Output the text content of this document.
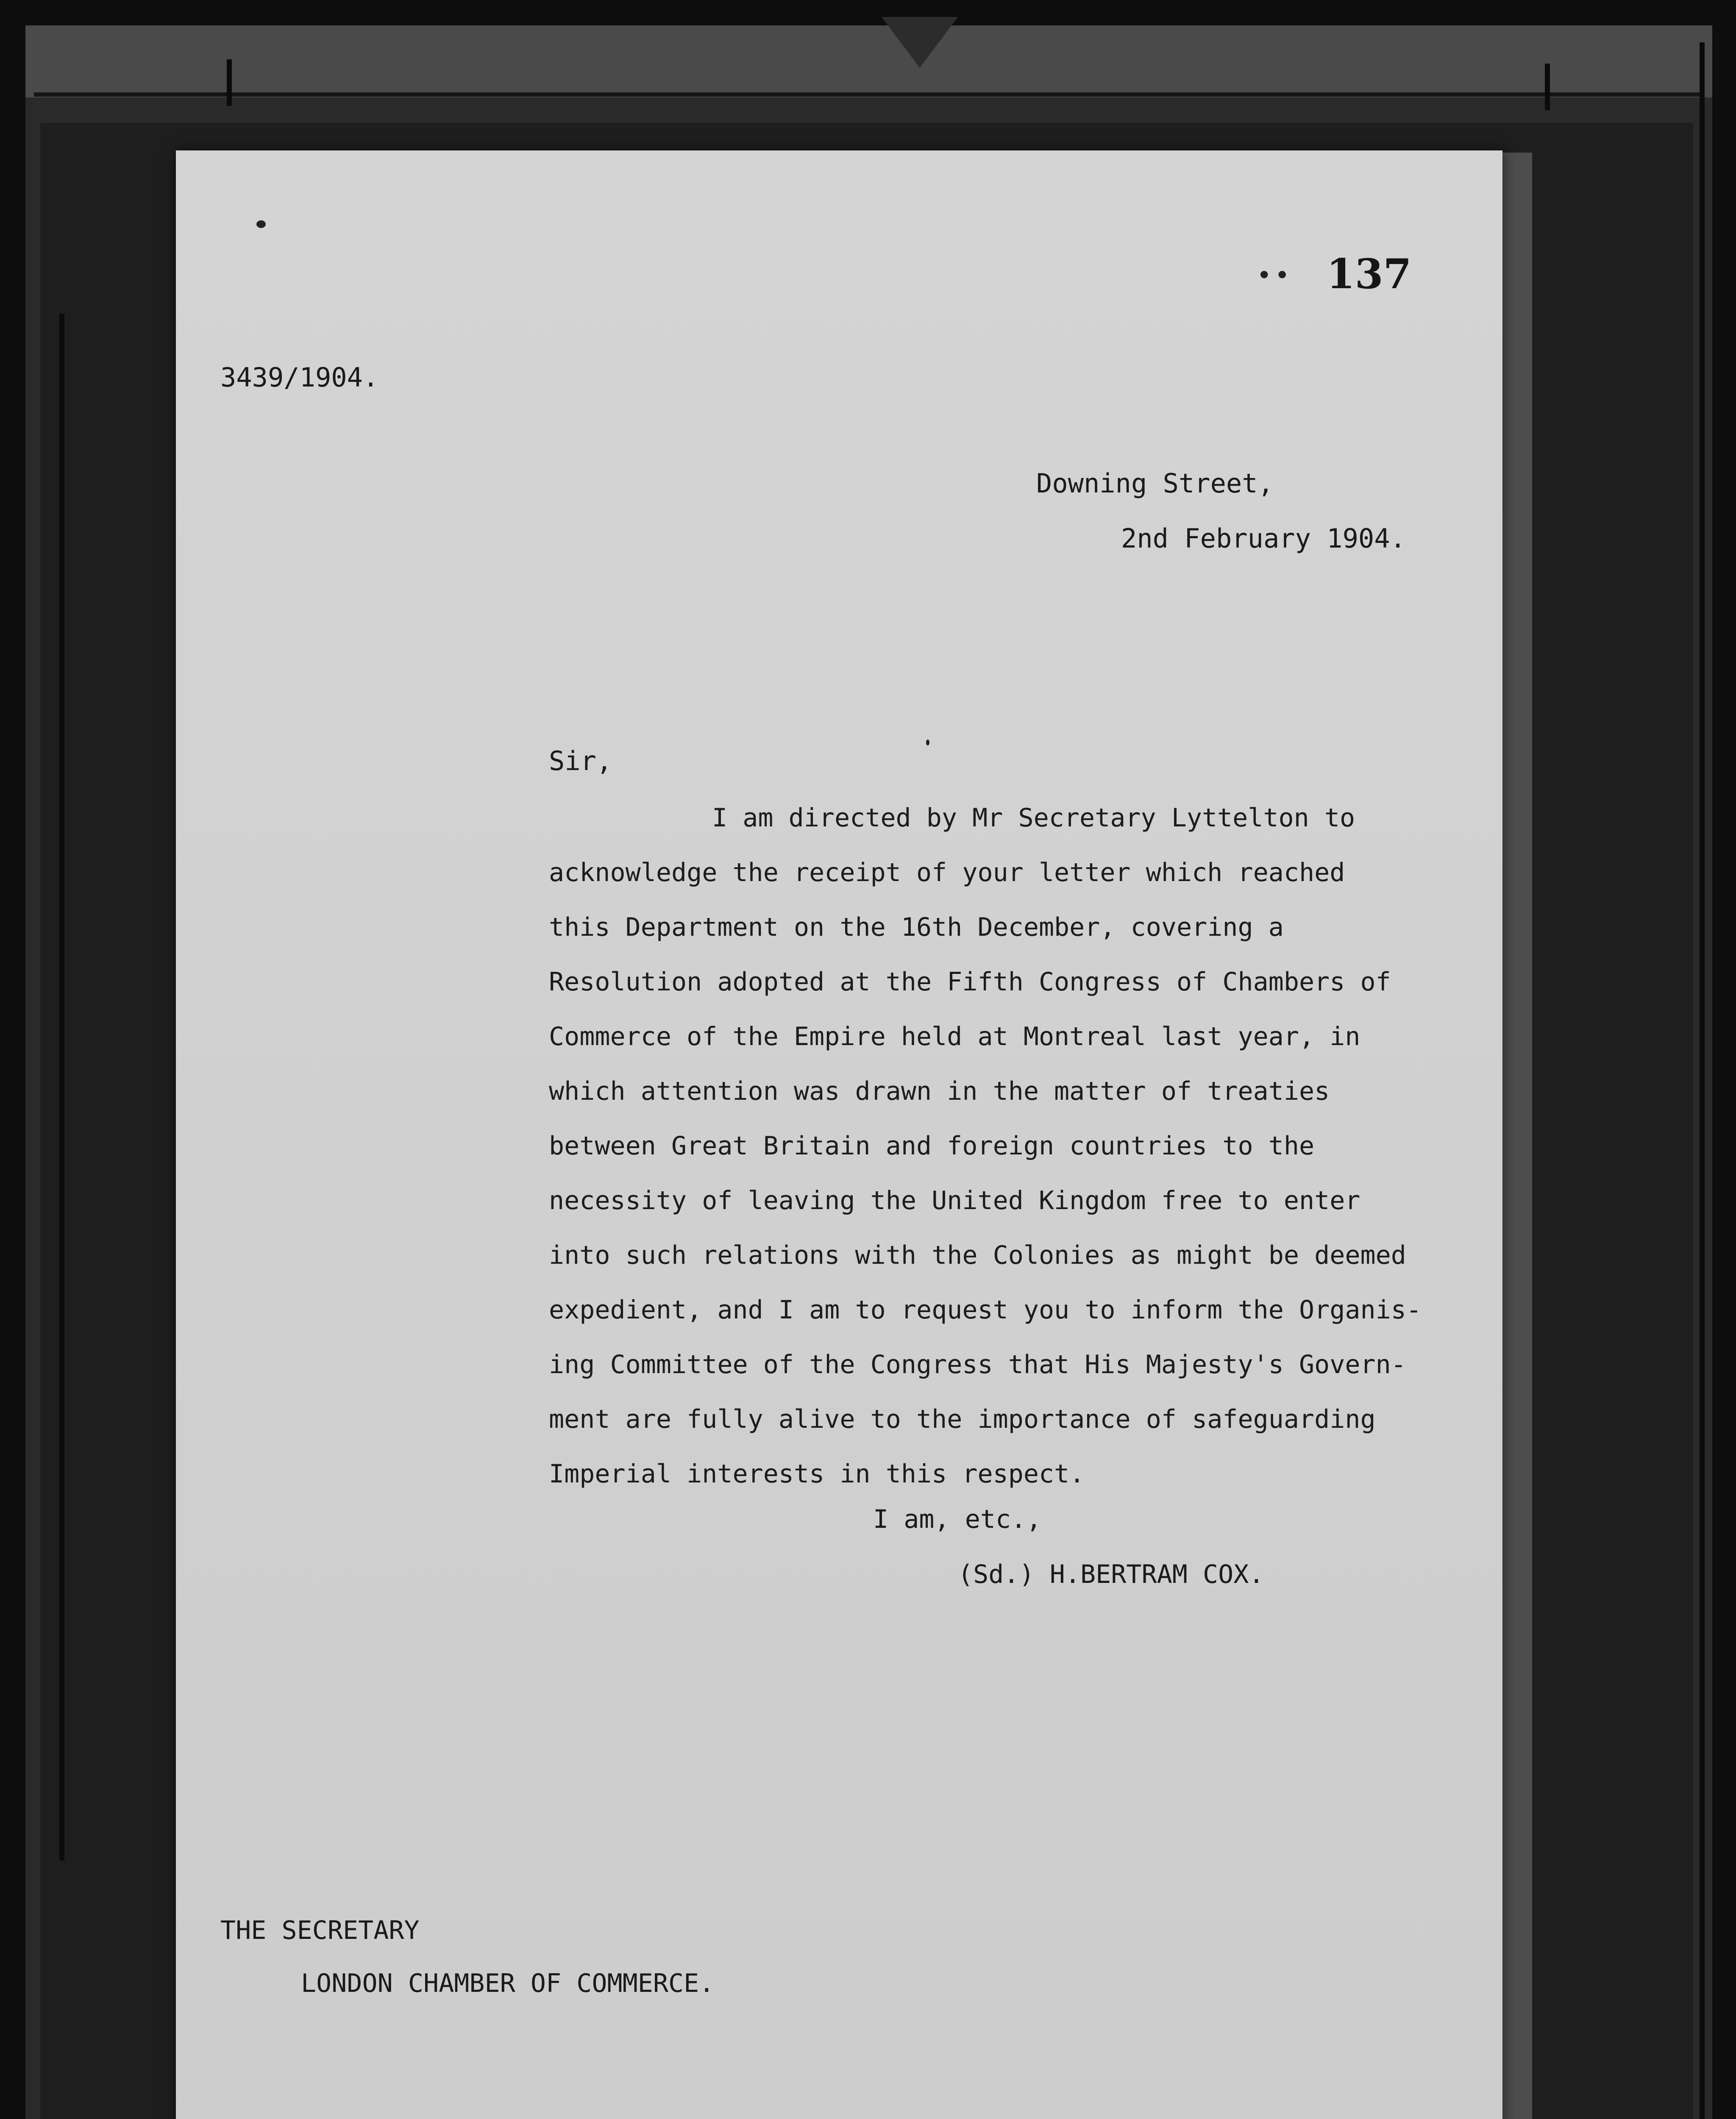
• • 137
3439/1904.
Downing Street,
2nd February 1904.
Sir,
I am directed by Mr Secretary Lyttelton to
acknowledge the receipt of your letter which reached
this Department on the 16th December, covering a
Resolution adopted at the Fifth Congress of Chambers of
Commerce of the Empire held at Montreal last year, in
which attention was drawn in the matter of treaties
between Great Britain and foreign countries to the
necessity of leaving the United Kingdom free to enter
into such relations with the Colonies as might be deemed
expedient, and I am to request you to inform the Organis-
ing Committee of the Congress that His Majesty's Govern-
ment are fully alive to the importance of safeguarding
Imperial interests in this respect.
I am, etc.,
(Sd.) H.BERTRAM COX.
THE SECRETARY
LONDON CHAMBER OF COMMERCE.
